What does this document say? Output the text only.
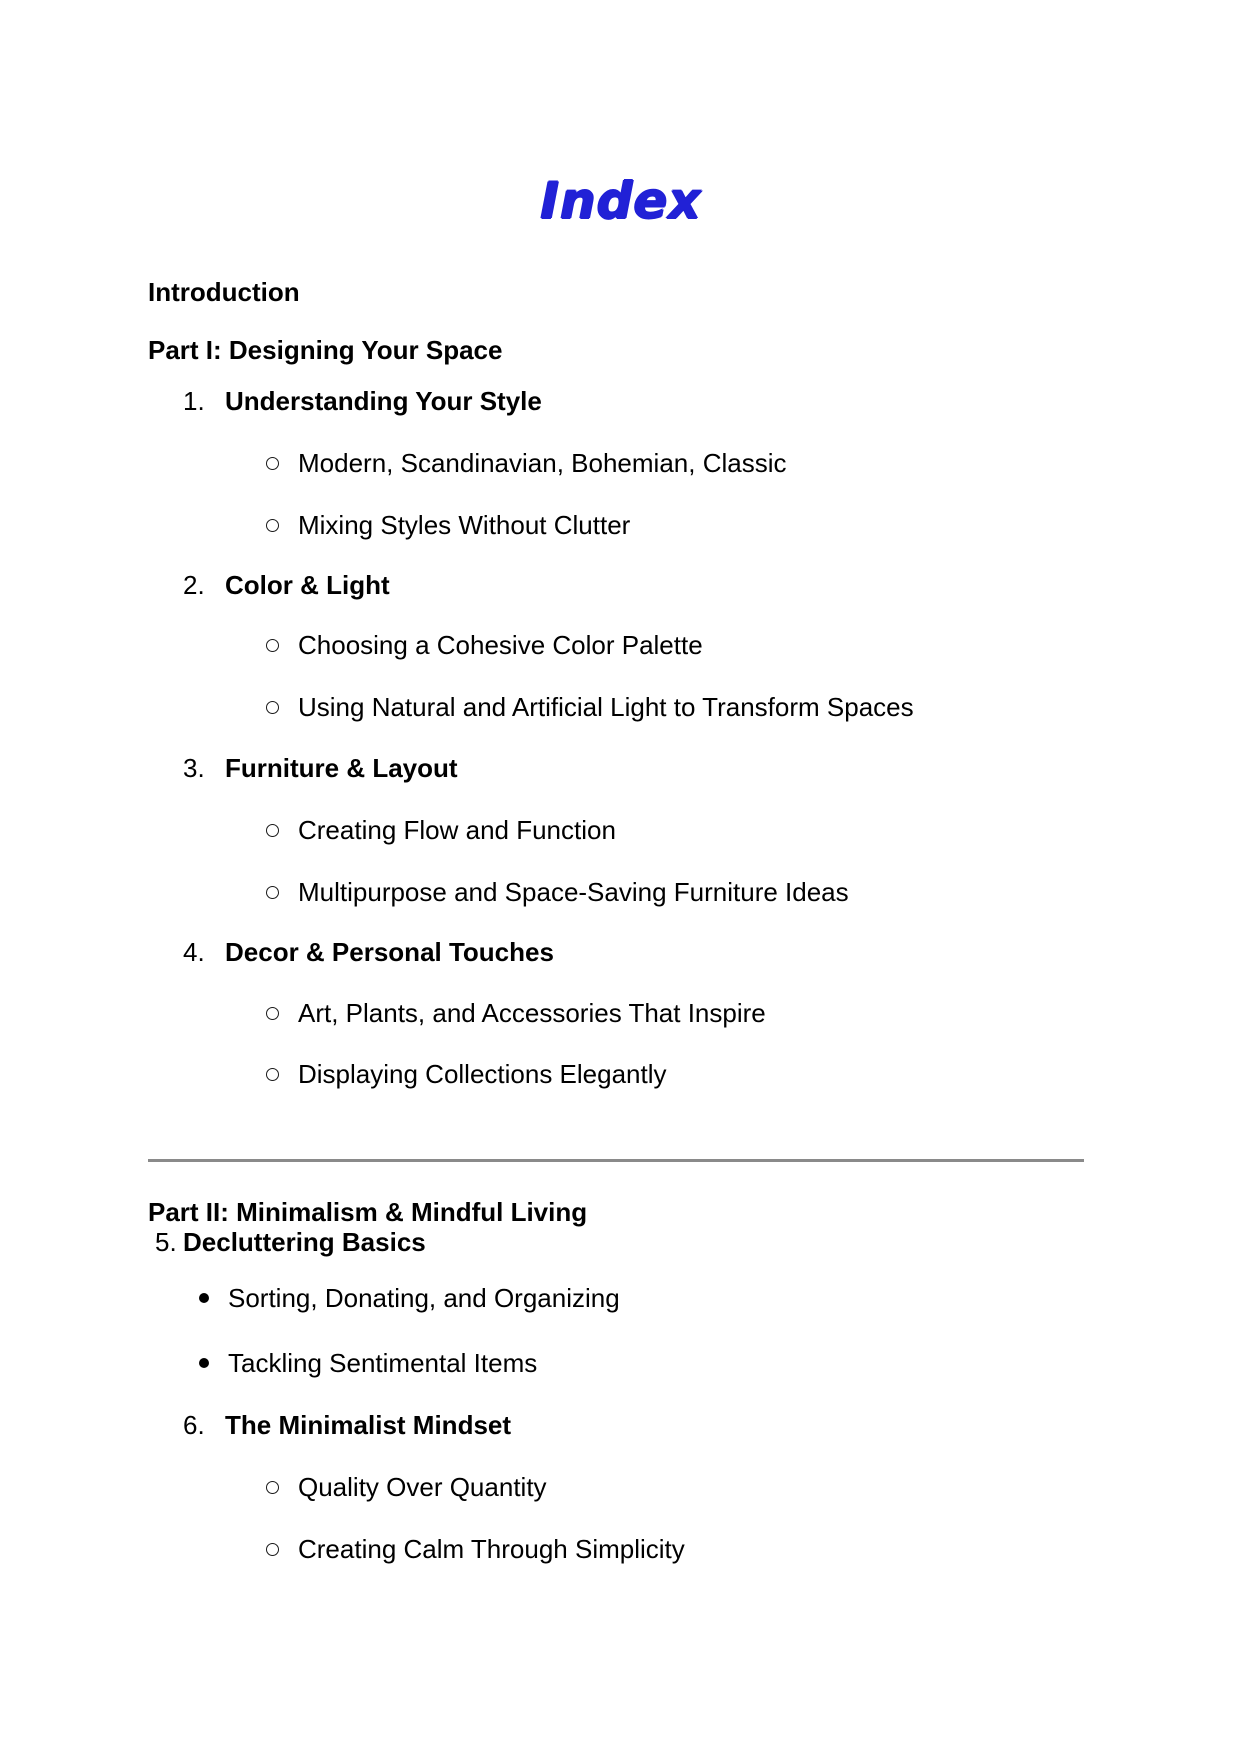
Index
Introduction
Part I: Designing Your Space
1. Understanding Your Style
Modern, Scandinavian, Bohemian, Classic
Mixing Styles Without Clutter
2. Color & Light
Choosing a Cohesive Color Palette
Using Natural and Artificial Light to Transform Spaces
3. Furniture & Layout
Creating Flow and Function
Multipurpose and Space-Saving Furniture Ideas
4. Decor & Personal Touches
Art, Plants, and Accessories That Inspire
Displaying Collections Elegantly
Part II: Minimalism & Mindful Living
5. Decluttering Basics
Sorting, Donating, and Organizing
Tackling Sentimental Items
6. The Minimalist Mindset
Quality Over Quantity
Creating Calm Through Simplicity
